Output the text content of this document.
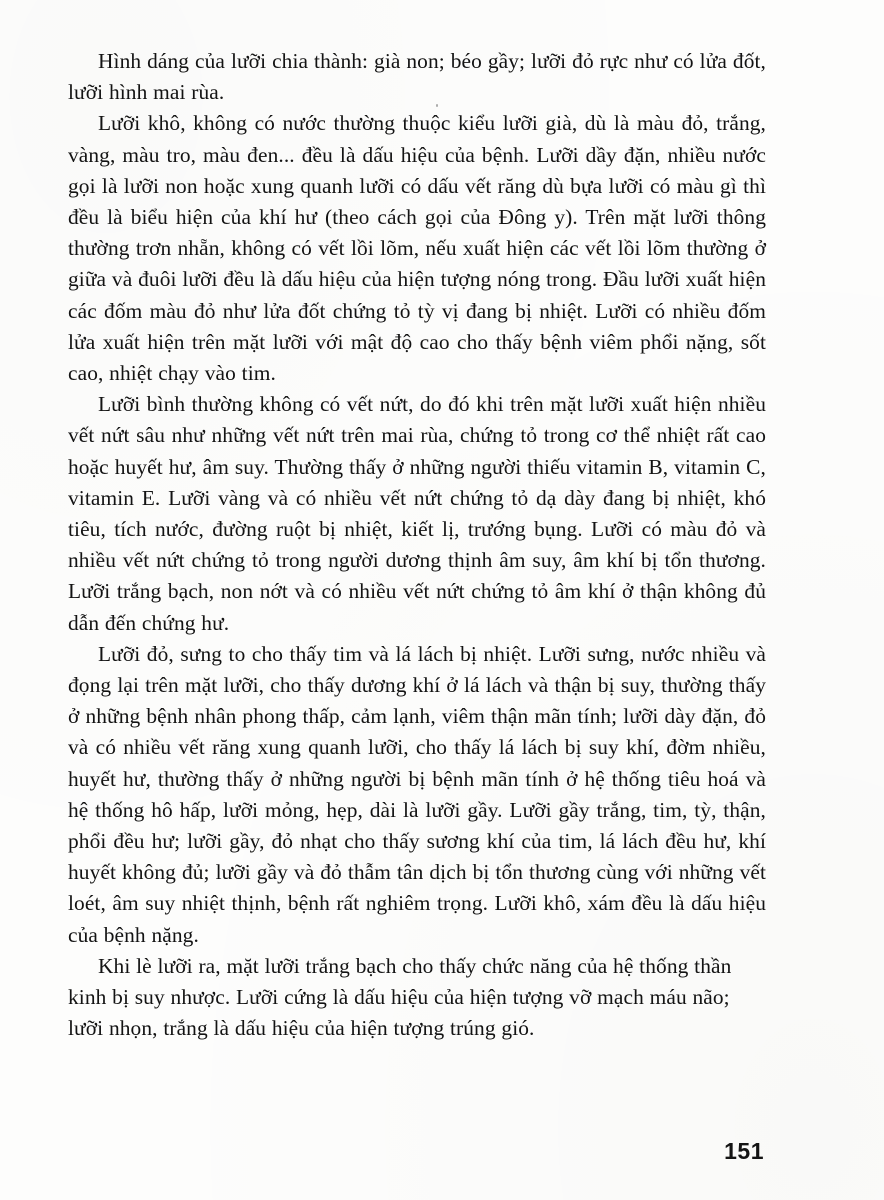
Hình dáng của lưỡi chia thành: già non; béo gầy; lưỡi đỏ rực như có lửa đốt, lưỡi hình mai rùa.

Lưỡi khô, không có nước thường thuộc kiểu lưỡi già, dù là màu đỏ, trắng, vàng, màu tro, màu đen... đều là dấu hiệu của bệnh. Lưỡi dầy đặn, nhiều nước gọi là lưỡi non hoặc xung quanh lưỡi có dấu vết răng dù bựa lưỡi có màu gì thì đều là biểu hiện của khí hư (theo cách gọi của Đông y). Trên mặt lưỡi thông thường trơn nhẵn, không có vết lồi lõm, nếu xuất hiện các vết lồi lõm thường ở giữa và đuôi lưỡi đều là dấu hiệu của hiện tượng nóng trong. Đầu lưỡi xuất hiện các đốm màu đỏ như lửa đốt chứng tỏ tỳ vị đang bị nhiệt. Lưỡi có nhiều đốm lửa xuất hiện trên mặt lưỡi với mật độ cao cho thấy bệnh viêm phổi nặng, sốt cao, nhiệt chạy vào tim.

Lưỡi bình thường không có vết nứt, do đó khi trên mặt lưỡi xuất hiện nhiều vết nứt sâu như những vết nứt trên mai rùa, chứng tỏ trong cơ thể nhiệt rất cao hoặc huyết hư, âm suy. Thường thấy ở những người thiếu vitamin B, vitamin C, vitamin E. Lưỡi vàng và có nhiều vết nứt chứng tỏ dạ dày đang bị nhiệt, khó tiêu, tích nước, đường ruột bị nhiệt, kiết lị, trướng bụng. Lưỡi có màu đỏ và nhiều vết nứt chứng tỏ trong người dương thịnh âm suy, âm khí bị tổn thương. Lưỡi trắng bạch, non nớt và có nhiều vết nứt chứng tỏ âm khí ở thận không đủ dẫn đến chứng hư.

Lưỡi đỏ, sưng to cho thấy tim và lá lách bị nhiệt. Lưỡi sưng, nước nhiều và đọng lại trên mặt lưỡi, cho thấy dương khí ở lá lách và thận bị suy, thường thấy ở những bệnh nhân phong thấp, cảm lạnh, viêm thận mãn tính; lưỡi dày đặn, đỏ và có nhiều vết răng xung quanh lưỡi, cho thấy lá lách bị suy khí, đờm nhiều, huyết hư, thường thấy ở những người bị bệnh mãn tính ở hệ thống tiêu hoá và hệ thống hô hấp, lưỡi mỏng, hẹp, dài là lưỡi gầy. Lưỡi gầy trắng, tim, tỳ, thận, phổi đều hư; lưỡi gầy, đỏ nhạt cho thấy sương khí của tim, lá lách đều hư, khí huyết không đủ; lưỡi gầy và đỏ thẫm tân dịch bị tổn thương cùng với những vết loét, âm suy nhiệt thịnh, bệnh rất nghiêm trọng. Lưỡi khô, xám đều là dấu hiệu của bệnh nặng.

Khi lè lưỡi ra, mặt lưỡi trắng bạch cho thấy chức năng của hệ thống thần kinh bị suy nhược. Lưỡi cứng là dấu hiệu của hiện tượng vỡ mạch máu não; lưỡi nhọn, trắng là dấu hiệu của hiện tượng trúng gió.

151
